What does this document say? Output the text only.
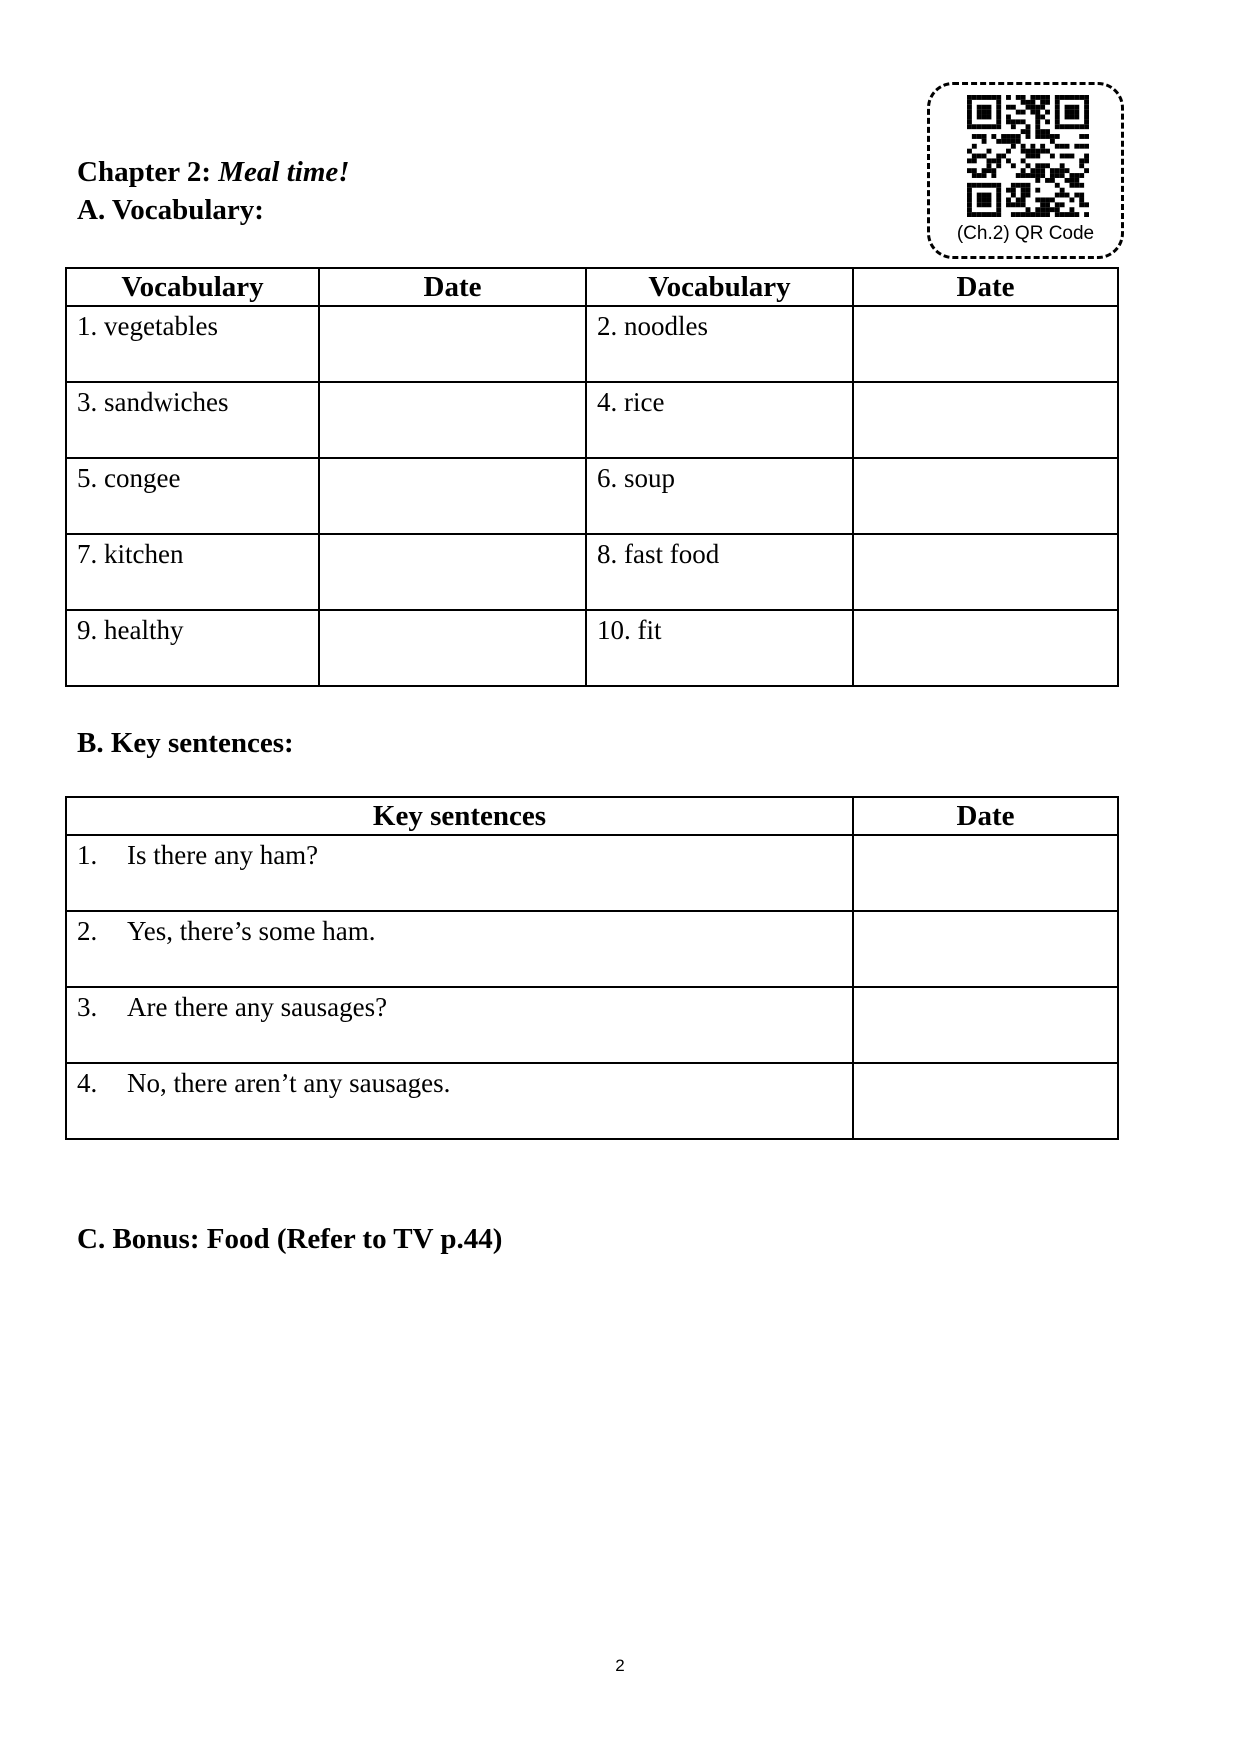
Chapter 2: Meal time!
A. Vocabulary:
(Ch.2) QR Code
Vocabulary	Date	Vocabulary	Date
1. vegetables		2. noodles	
3. sandwiches		4. rice	
5. congee		6. soup	
7. kitchen		8. fast food	
9. healthy		10. fit	
B. Key sentences:
Key sentences	Date
1. Is there any ham?	
2. Yes, there’s some ham.	
3. Are there any sausages?	
4. No, there aren’t any sausages.	
C. Bonus: Food (Refer to TV p.44)
2
